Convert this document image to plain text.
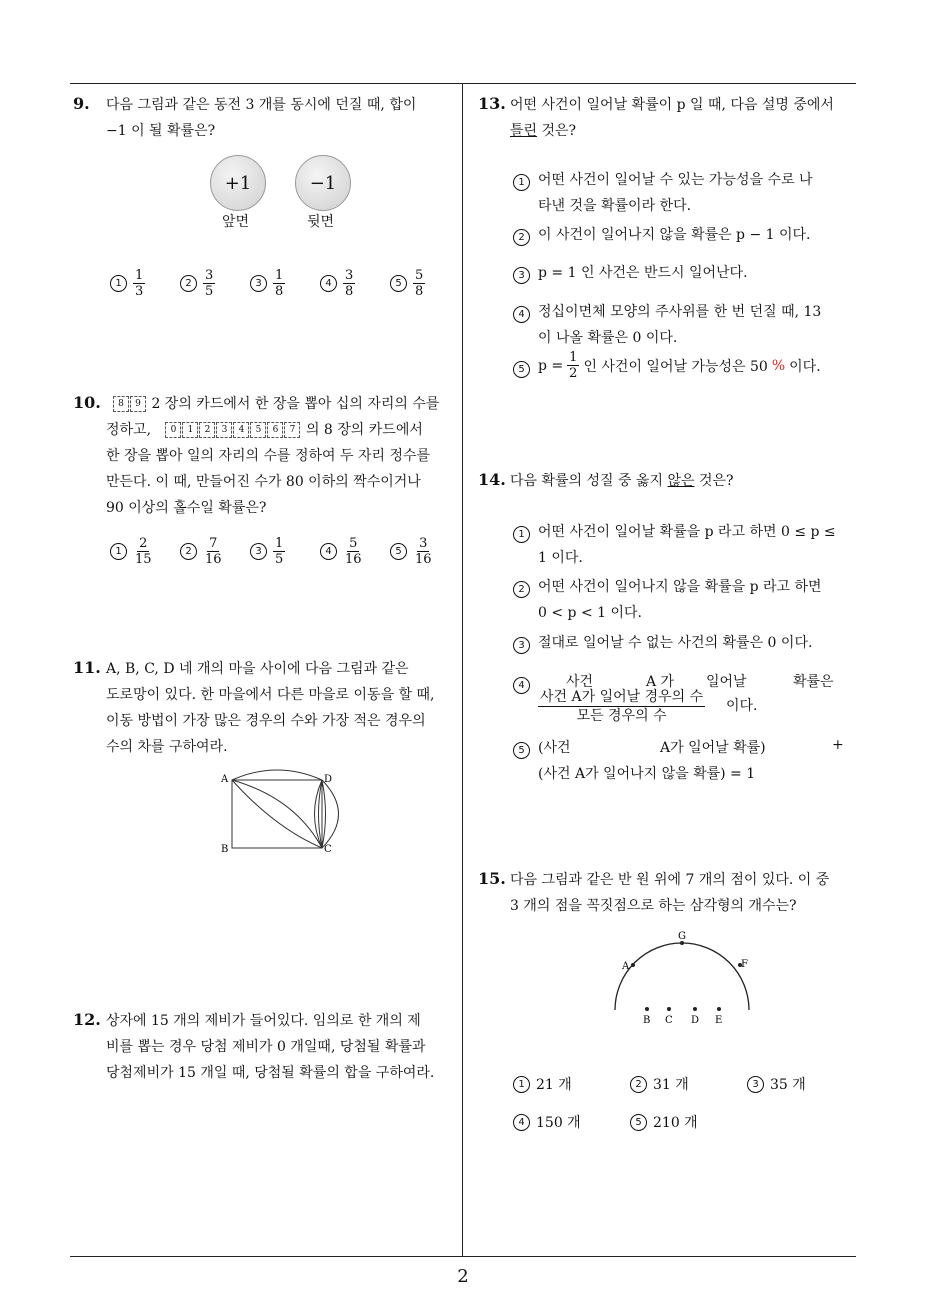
2
9. 다음 그림과 같은 동전 3 개를 동시에 던질 때, 합이
−1 이 될 확률은?
+1	−1
앞면	뒷면
$1 \frac{1}{3}$	$2 \frac{3}{5}$	$3 \frac{1}{8}$	$4 \frac{3}{8}$	$5 \frac{5}{8}$
10.	8 9 2 장의 카드에서 한 장을 뽑아 십의 자리의 수를
정하고, 0 1 2 3 4 5 6 7 의 8 장의 카드에서
한 장을 뽑아 일의 자리의 수를 정하여 두 자리 정수를
만든다. 이 때, 만들어진 수가 80 이하의 짝수이거나
90 이상의 홀수일 확률은?
$1 \frac{2}{15}$	$2 \frac{7}{16}$	$3 \frac{1}{5}$	$4 \frac{5}{16}$	$5 \frac{3}{16}$
11. A, B, C, D 네 개의 마을 사이에 다음 그림과 같은
도로망이 있다. 한 마을에서 다른 마을로 이동을 할 때,
이동 방법이 가장 많은 경우의 수와 가장 적은 경우의
수의 차를 구하여라.
A
B	C
D
12. 상자에 15 개의 제비가 들어있다. 임의로 한 개의 제
비를 뽑는 경우 당첨 제비가 0 개일때, 당첨될 확률과
당첨제비가 15 개일 때, 당첨될 확률의 합을 구하여라.
13. 어떤 사건이 일어날 확률이 p 일 때, 다음 설명 중에서
틀린 것은?
1 어떤 사건이 일어날 수 있는 가능성을 수로 나
타낸 것을 확률이라 한다.
2 이 사건이 일어나지 않을 확률은 p − 1 이다.
3 p = 1 인 사건은 반드시 일어난다.
4 정십이면체 모양의 주사위를 한 번 던질 때, 13
이 나올 확률은 0 이다.
5 $p = \frac{1}{2}$ 인 사건이 일어날 가능성은 50 % 이다.
14. 다음 확률의 성질 중 옳지 않은 것은?
1 어떤 사건이 일어날 확률을 p 라고 하면 0 ≤ p ≤
1 이다.
2 어떤 사건이 일어나지 않을 확률을 p 라고 하면
0 < p < 1 이다.
3 절대로 일어날 수 없는 사건의 확률은 0 이다.
4	사건	A 가 일어날	확률은
사건 A가 일어날 경우의 수
모든 경우의 수
이다.
5 (사건	A가 일어날 확률)	+
(사건 A가 일어나지 않을 확률) = 1
15. 다음 그림과 같은 반 원 위에 7 개의 점이 있다. 이 중
3 개의 점을 꼭짓점으로 하는 삼각형의 개수는?
G
A	F
B C D E
1 21 개	2 31 개	3 35 개
4 150 개	5 210 개
